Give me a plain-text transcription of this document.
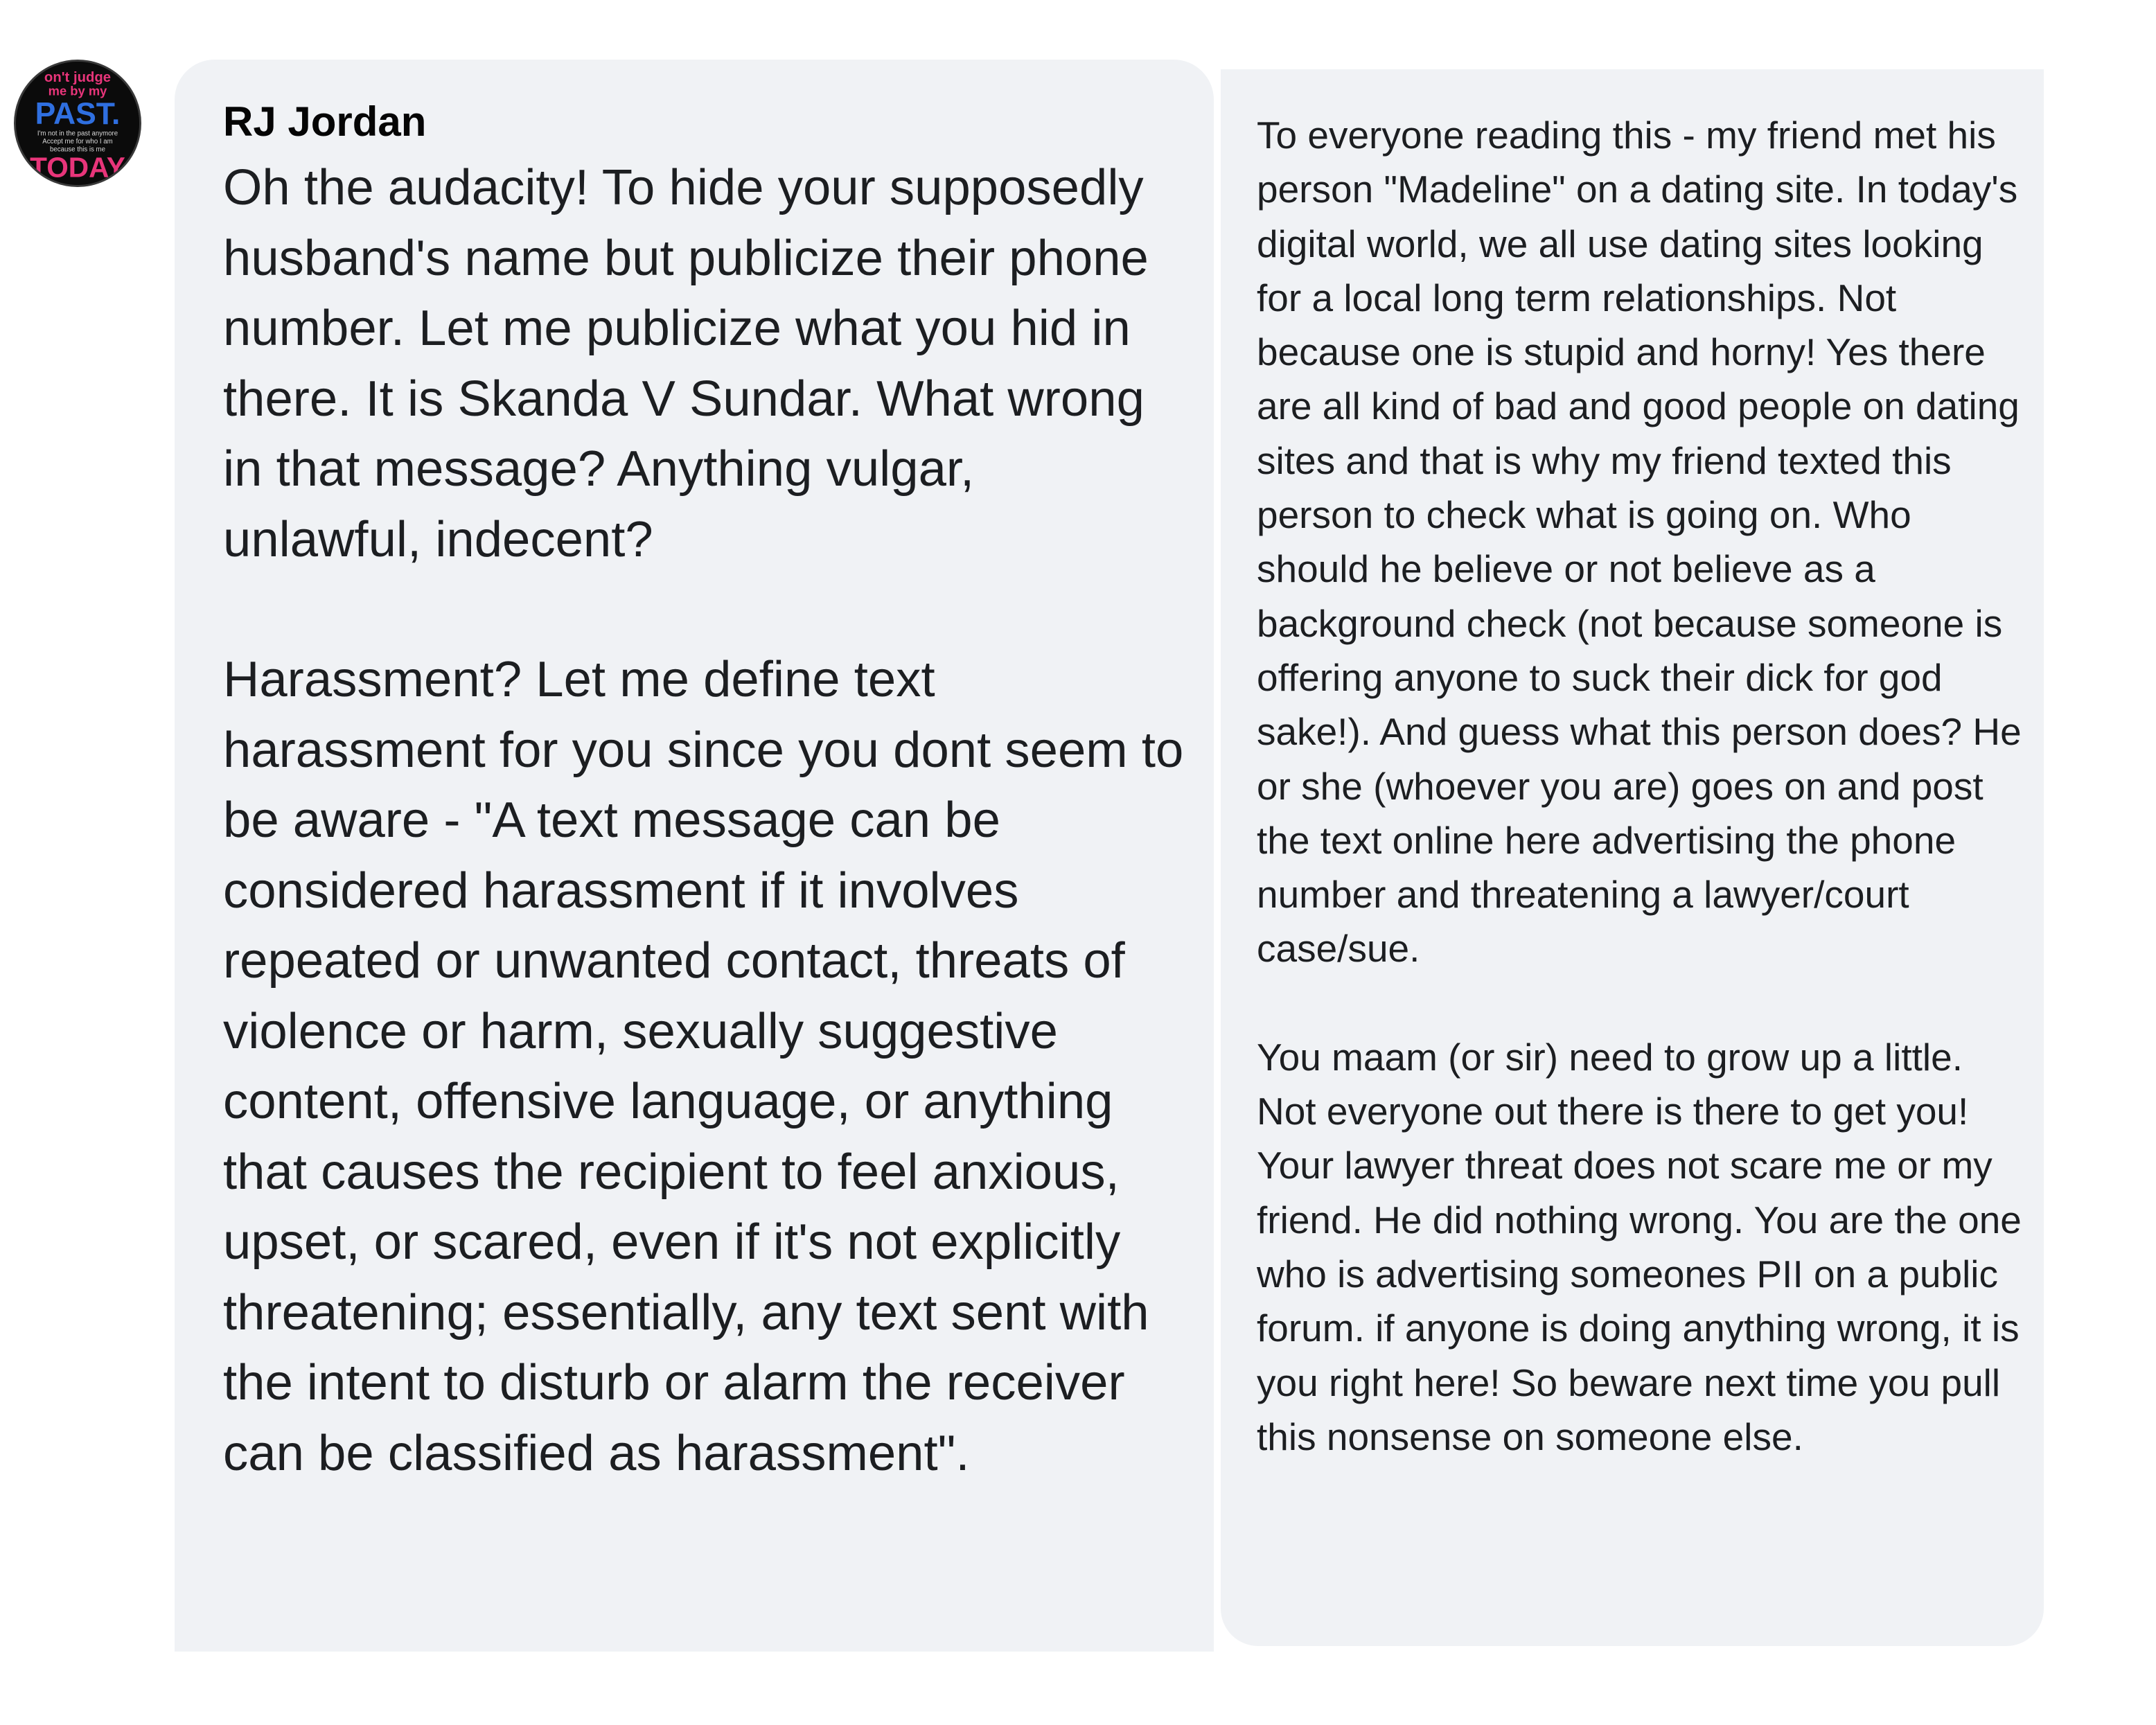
on't judge
me by my
PAST.
I'm not in the past anymore
Accept me for who I am
because this is me
TODAY
RJ Jordan

Oh the audacity! To hide your supposedly husband's name but publicize their phone number. Let me publicize what you hid in there. It is Skanda V Sundar. What wrong in that message? Anything vulgar, unlawful, indecent?

Harassment? Let me define text harassment for you since you dont seem to be aware - "A text message can be considered harassment if it involves repeated or unwanted contact, threats of violence or harm, sexually suggestive content, offensive language, or anything that causes the recipient to feel anxious, upset, or scared, even if it's not explicitly threatening; essentially, any text sent with the intent to disturb or alarm the receiver can be classified as harassment".

To everyone reading this - my friend met his person "Madeline" on a dating site. In today's digital world, we all use dating sites looking for a local long term relationships. Not because one is stupid and horny! Yes there are all kind of bad and good people on dating sites and that is why my friend texted this person to check what is going on. Who should he believe or not believe as a background check (not because someone is offering anyone to suck their dick for god sake!). And guess what this person does? He or she (whoever you are) goes on and post the text online here advertising the phone number and threatening a lawyer/court case/sue.

You maam (or sir) need to grow up a little. Not everyone out there is there to get you! Your lawyer threat does not scare me or my friend. He did nothing wrong. You are the one who is advertising someones PII on a public forum. if anyone is doing anything wrong, it is you right here! So beware next time you pull this nonsense on someone else.
